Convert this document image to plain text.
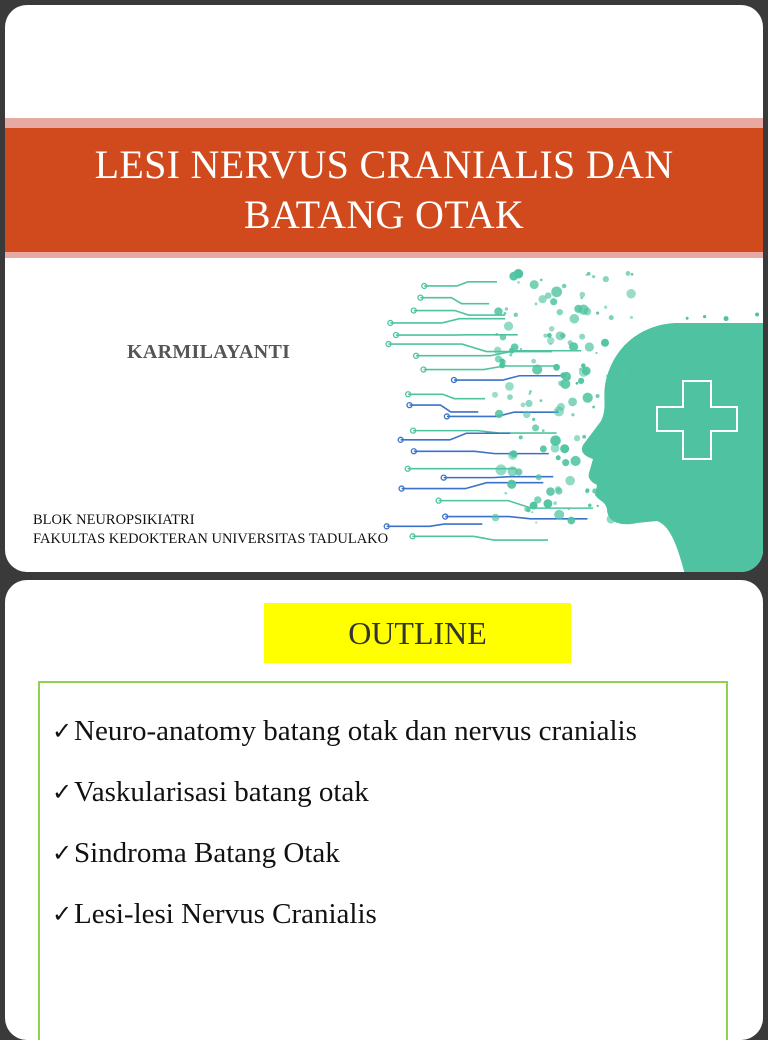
LESI NERVUS CRANIALIS DAN
BATANG OTAK
KARMILAYANTI
BLOK NEUROPSIKIATRI
FAKULTAS KEDOKTERAN UNIVERSITAS TADULAKO
OUTLINE
✓ Neuro-anatomy batang otak dan nervus cranialis
✓ Vaskularisasi batang otak
✓ Sindroma Batang Otak
✓ Lesi-lesi Nervus Cranialis
